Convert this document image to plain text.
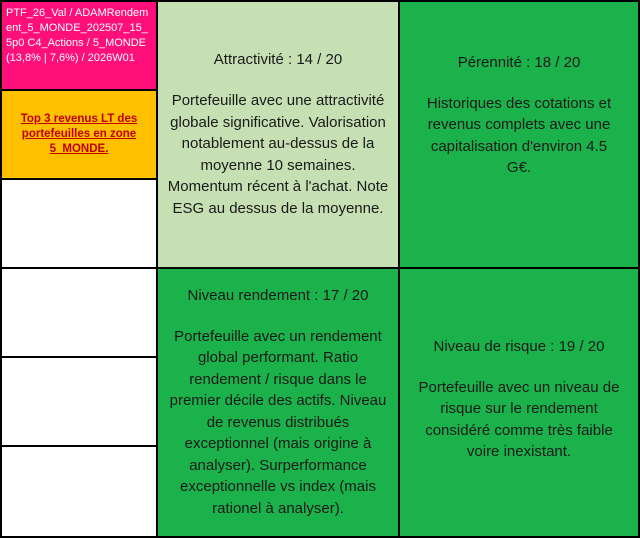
PTF_26_Val / ADAMRendement_5_MONDE_202507_15_5p0 C4_Actions / 5_MONDE (13,8% | 7,6%) / 2026W01
Top 3 revenus LT des portefeuilles en zone 5_MONDE.
Attractivité : 14 / 20
Portefeuille avec une attractivité globale significative. Valorisation notablement au-dessus de la moyenne 10 semaines. Momentum récent à l'achat. Note ESG au dessus de la moyenne.
Pérennité : 18 / 20
Historiques des cotations et revenus complets avec une capitalisation d'environ 4.5 G€.
Niveau rendement : 17 / 20
Portefeuille avec un rendement global performant. Ratio rendement / risque dans le premier décile des actifs. Niveau de revenus distribués exceptionnel (mais origine à analyser). Surperformance exceptionnelle vs index (mais rationel à analyser).
Niveau de risque : 19 / 20
Portefeuille avec un niveau de risque sur le rendement considéré comme très faible voire inexistant.
